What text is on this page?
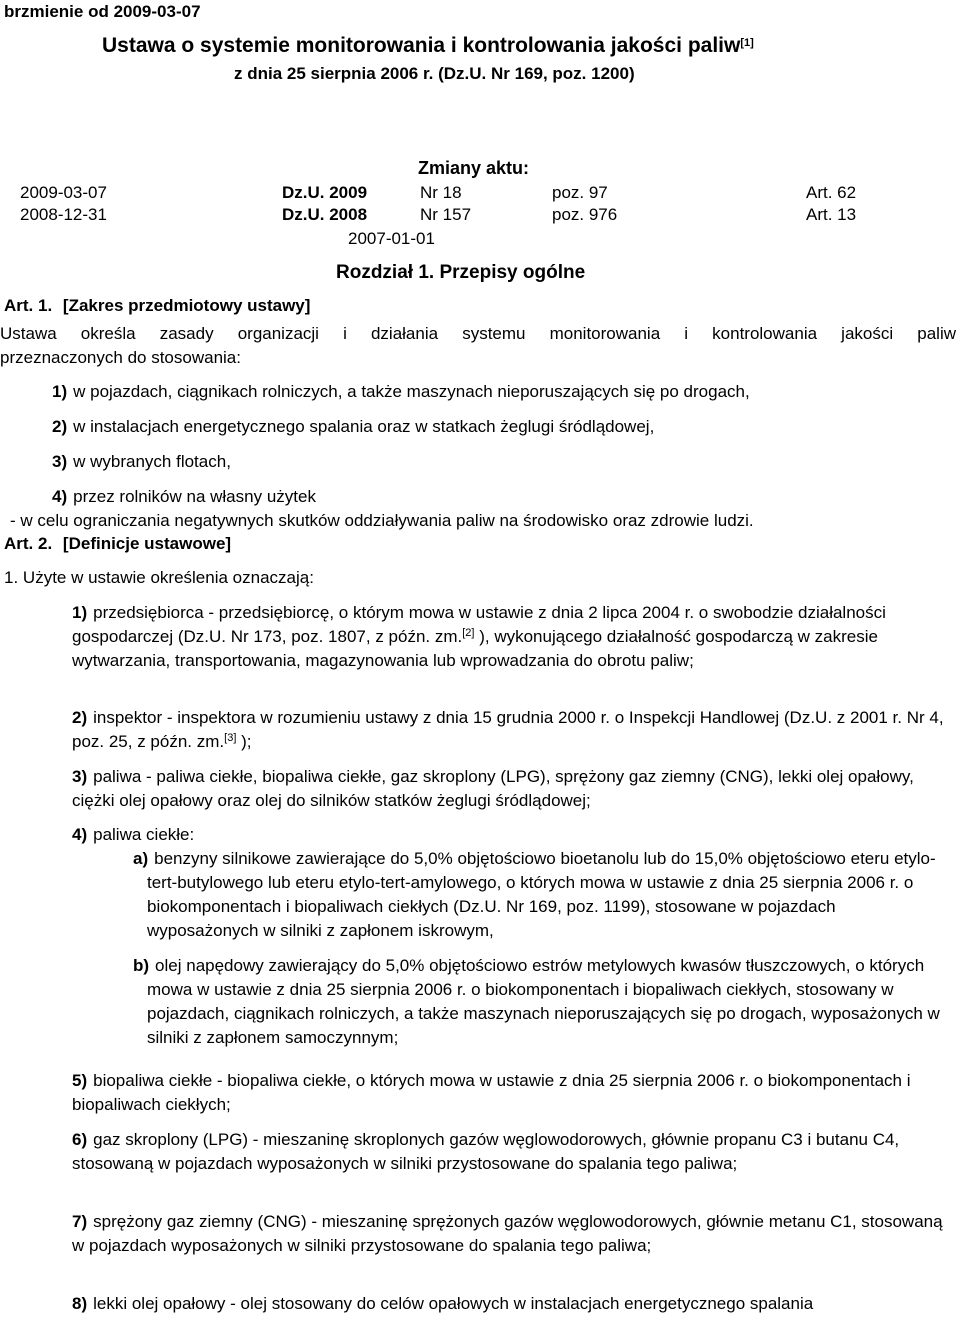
brzmienie od 2009-03-07
Ustawa o systemie monitorowania i kontrolowania jakości paliw[1]
z dnia 25 sierpnia 2006 r. (Dz.U. Nr 169, poz. 1200)
Zmiany aktu:
2009-03-07	Dz.U. 2009	Nr 18	poz. 97	Art. 62
2008-12-31	Dz.U. 2008	Nr 157	poz. 976	Art. 13
2007-01-01
Rozdział 1. Przepisy ogólne
Art. 1. [Zakres przedmiotowy ustawy]
Ustawa określa zasady organizacji i działania systemu monitorowania i kontrolowania jakości paliw
przeznaczonych do stosowania:
1) w pojazdach, ciągnikach rolniczych, a także maszynach nieporuszających się po drogach,
2) w instalacjach energetycznego spalania oraz w statkach żeglugi śródlądowej,
3) w wybranych flotach,
4) przez rolników na własny użytek
- w celu ograniczania negatywnych skutków oddziaływania paliw na środowisko oraz zdrowie ludzi.
Art. 2. [Definicje ustawowe]
1. Użyte w ustawie określenia oznaczają:
1) przedsiębiorca - przedsiębiorcę, o którym mowa w ustawie z dnia 2 lipca 2004 r. o swobodzie działalności gospodarczej (Dz.U. Nr 173, poz. 1807, z późn. zm.[2] ), wykonującego działalność gospodarczą w zakresie wytwarzania, transportowania, magazynowania lub wprowadzania do obrotu paliw;
2) inspektor - inspektora w rozumieniu ustawy z dnia 15 grudnia 2000 r. o Inspekcji Handlowej (Dz.U. z 2001 r. Nr 4, poz. 25, z późn. zm.[3] );
3) paliwa - paliwa ciekłe, biopaliwa ciekłe, gaz skroplony (LPG), sprężony gaz ziemny (CNG), lekki olej opałowy, ciężki olej opałowy oraz olej do silników statków żeglugi śródlądowej;
4) paliwa ciekłe:
a) benzyny silnikowe zawierające do 5,0% objętościowo bioetanolu lub do 15,0% objętościowo eteru etylo-tert-butylowego lub eteru etylo-tert-amylowego, o których mowa w ustawie z dnia 25 sierpnia 2006 r. o biokomponentach i biopaliwach ciekłych (Dz.U. Nr 169, poz. 1199), stosowane w pojazdach wyposażonych w silniki z zapłonem iskrowym,
b) olej napędowy zawierający do 5,0% objętościowo estrów metylowych kwasów tłuszczowych, o których mowa w ustawie z dnia 25 sierpnia 2006 r. o biokomponentach i biopaliwach ciekłych, stosowany w pojazdach, ciągnikach rolniczych, a także maszynach nieporuszających się po drogach, wyposażonych w silniki z zapłonem samoczynnym;
5) biopaliwa ciekłe - biopaliwa ciekłe, o których mowa w ustawie z dnia 25 sierpnia 2006 r. o biokomponentach i biopaliwach ciekłych;
6) gaz skroplony (LPG) - mieszaninę skroplonych gazów węglowodorowych, głównie propanu C3 i butanu C4, stosowaną w pojazdach wyposażonych w silniki przystosowane do spalania tego paliwa;
7) sprężony gaz ziemny (CNG) - mieszaninę sprężonych gazów węglowodorowych, głównie metanu C1, stosowaną w pojazdach wyposażonych w silniki przystosowane do spalania tego paliwa;
8) lekki olej opałowy - olej stosowany do celów opałowych w instalacjach energetycznego spalania
